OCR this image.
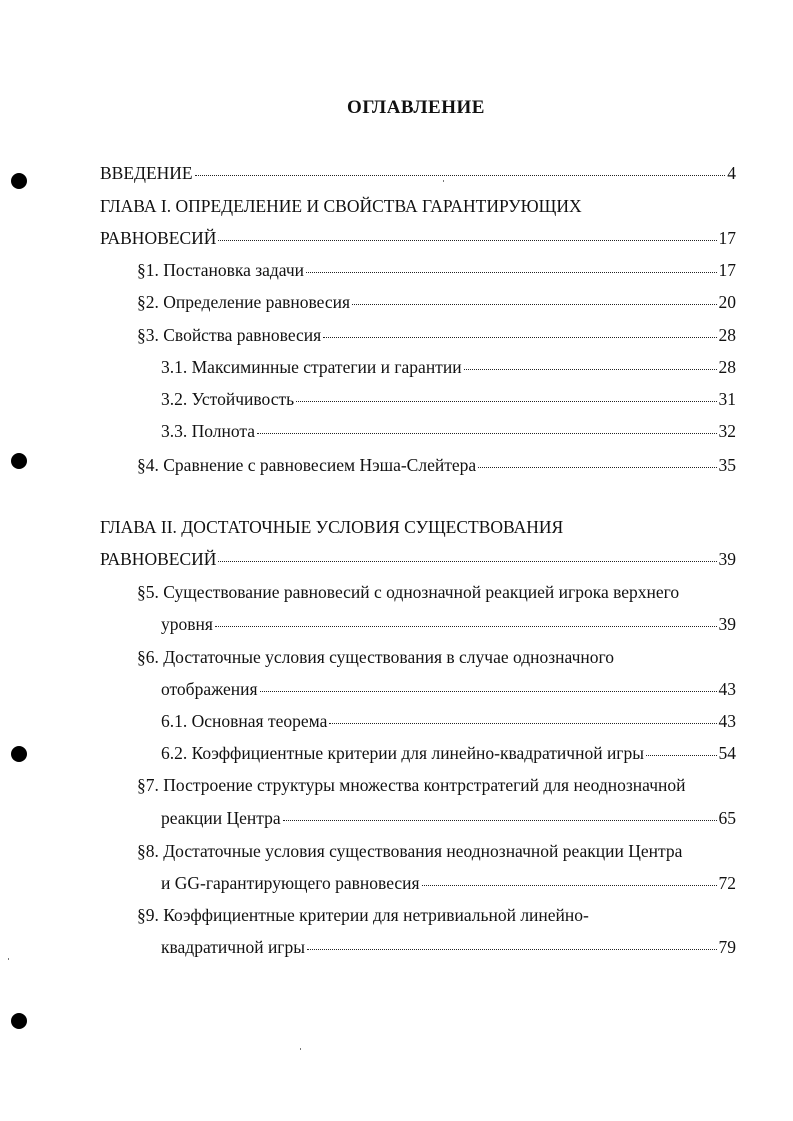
ОГЛАВЛЕНИЕ
ВВЕДЕНИЕ	4
ГЛАВА I. ОПРЕДЕЛЕНИЕ И СВОЙСТВА ГАРАНТИРУЮЩИХ
РАВНОВЕСИЙ	17
§1. Постановка задачи	17
§2. Определение равновесия	20
§3. Свойства равновесия	28
3.1. Максиминные стратегии и гарантии	28
3.2. Устойчивость	31
3.3. Полнота	32
§4. Сравнение с равновесием Нэша-Слейтера	35
ГЛАВА II. ДОСТАТОЧНЫЕ УСЛОВИЯ СУЩЕСТВОВАНИЯ
РАВНОВЕСИЙ	39
§5. Существование равновесий с однозначной реакцией игрока верхнего
уровня	39
§6. Достаточные условия существования в случае однозначного
отображения	43
6.1. Основная теорема	43
6.2. Коэффициентные критерии для линейно-квадратичной игры	54
§7. Построение структуры множества контрстратегий для неоднозначной
реакции Центра	65
§8. Достаточные условия существования неоднозначной реакции Центра
и GG-гарантирующего равновесия	72
§9. Коэффициентные критерии для нетривиальной линейно-
квадратичной игры	79
